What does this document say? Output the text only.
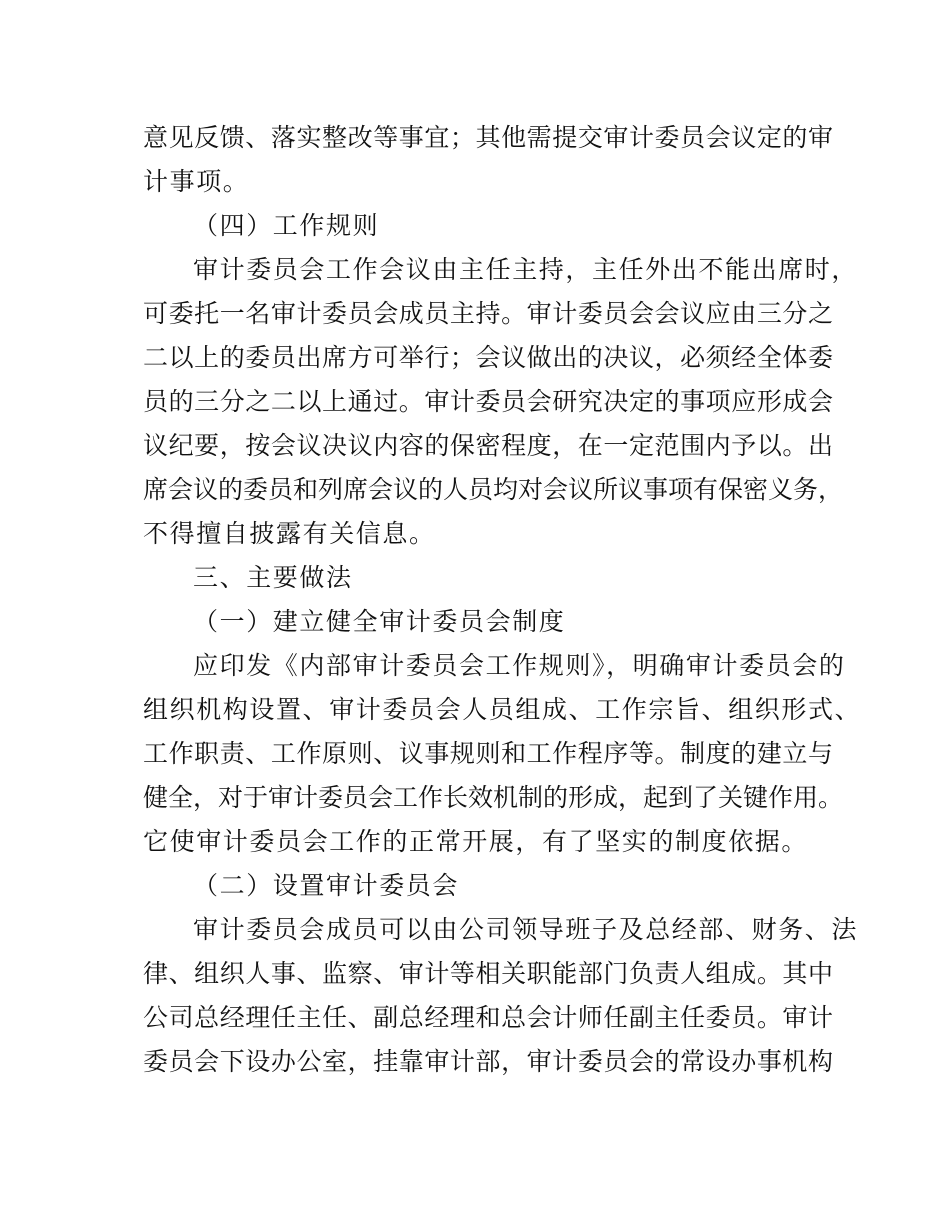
意见反馈、落实整改等事宜；其他需提交审计委员会议定的审
计事项。
（四）工作规则
审计委员会工作会议由主任主持，主任外出不能出席时，
可委托一名审计委员会成员主持。审计委员会会议应由三分之
二以上的委员出席方可举行；会议做出的决议，必须经全体委
员的三分之二以上通过。审计委员会研究决定的事项应形成会
议纪要，按会议决议内容的保密程度，在一定范围内予以。出
席会议的委员和列席会议的人员均对会议所议事项有保密义务，
不得擅自披露有关信息。
三、主要做法
（一）建立健全审计委员会制度
应印发《内部审计委员会工作规则》，明确审计委员会的
组织机构设置、审计委员会人员组成、工作宗旨、组织形式、
工作职责、工作原则、议事规则和工作程序等。制度的建立与
健全，对于审计委员会工作长效机制的形成，起到了关键作用。
它使审计委员会工作的正常开展，有了坚实的制度依据。
（二）设置审计委员会
审计委员会成员可以由公司领导班子及总经部、财务、法
律、组织人事、监察、审计等相关职能部门负责人组成。其中
公司总经理任主任、副总经理和总会计师任副主任委员。审计
委员会下设办公室，挂靠审计部，审计委员会的常设办事机构
